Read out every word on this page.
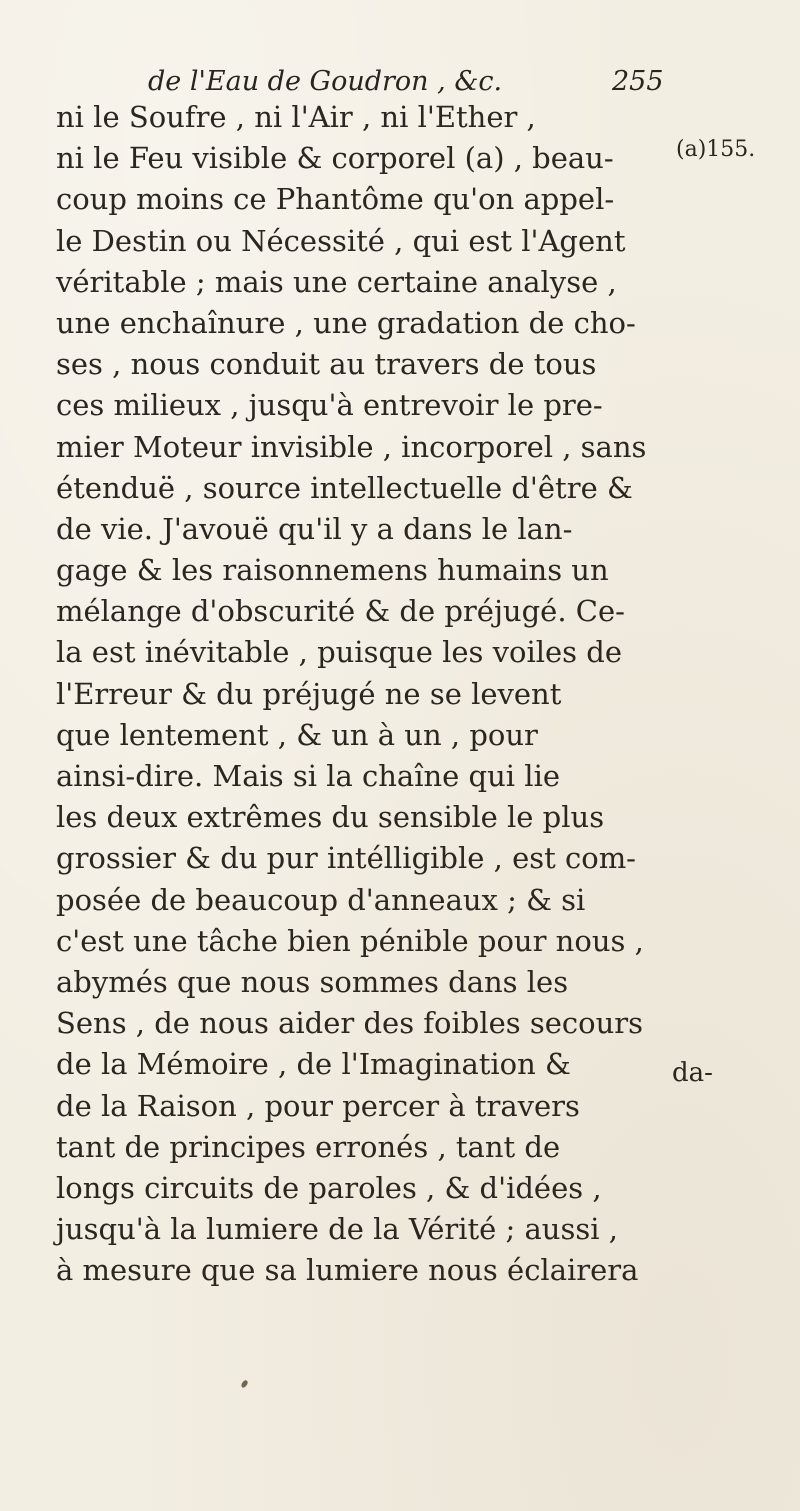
de l'Eau de Goudron , &c.	255
(a)155.
ni le Soufre , ni l'Air , ni l'Ether ,
ni le Feu visible & corporel (a) , beau-
coup moins ce Phantôme qu'on appel-
le Destin ou Nécessité , qui est l'Agent
véritable ; mais une certaine analyse ,
une enchaînure , une gradation de cho-
ses , nous conduit au travers de tous
ces milieux , jusqu'à entrevoir le pre-
mier Moteur invisible , incorporel , sans
étenduë , source intellectuelle d'être &
de vie. J'avouë qu'il y a dans le lan-
gage & les raisonnemens humains un
mélange d'obscurité & de préjugé. Ce-
la est inévitable , puisque les voiles de
l'Erreur & du préjugé ne se levent
que lentement , & un à un , pour
ainsi-dire. Mais si la chaîne qui lie
les deux extrêmes du sensible le plus
grossier & du pur intélligible , est com-
posée de beaucoup d'anneaux ; & si
c'est une tâche bien pénible pour nous ,
abymés que nous sommes dans les
Sens , de nous aider des foibles secours
de la Mémoire , de l'Imagination &
de la Raison , pour percer à travers
tant de principes erronés , tant de
longs circuits de paroles , & d'idées ,
jusqu'à la lumiere de la Vérité ; aussi ,
à mesure que sa lumiere nous éclairera
da-
